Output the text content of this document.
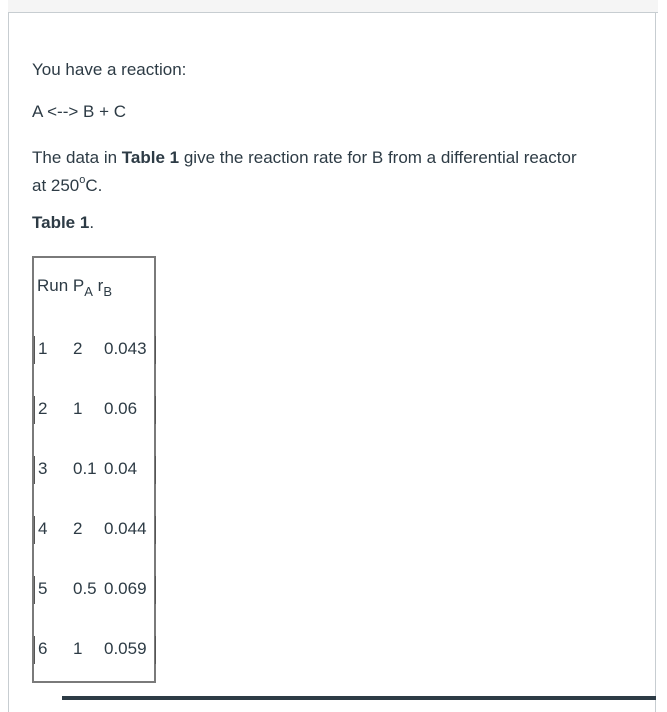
You have a reaction:
A <--> B + C
The data in Table 1 give the reaction rate for B from a differential reactor
at 250$^o$C.
Table 1.
Run $P_A$ $r_B$
1 2 0.043
2 1 0.06
3 0.1 0.04
4 2 0.044
5 0.5 0.069
6 1 0.059
